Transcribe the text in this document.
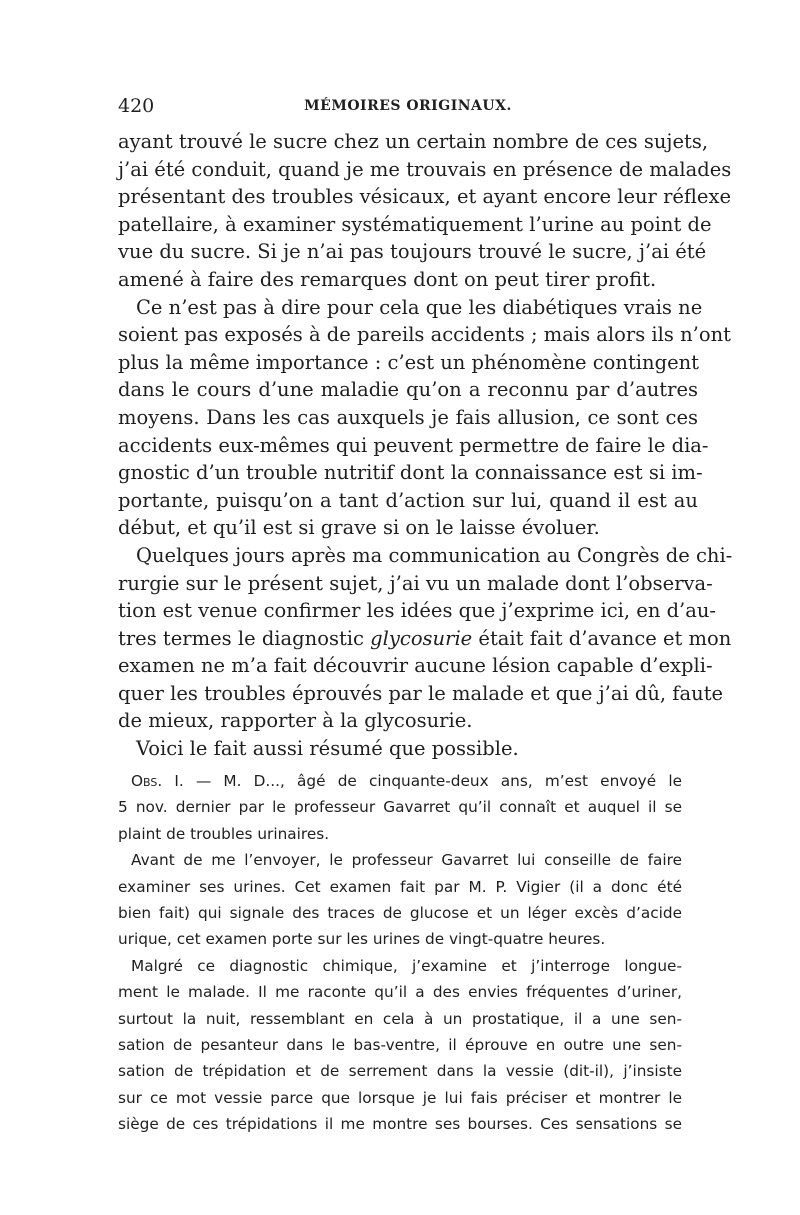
420	MÉMOIRES ORIGINAUX.
ayant trouvé le sucre chez un certain nombre de ces sujets,
j’ai été conduit, quand je me trouvais en présence de malades
présentant des troubles vésicaux, et ayant encore leur réflexe
patellaire, à examiner systématiquement l’urine au point de
vue du sucre. Si je n’ai pas toujours trouvé le sucre, j’ai été
amené à faire des remarques dont on peut tirer profit.
Ce n’est pas à dire pour cela que les diabétiques vrais ne
soient pas exposés à de pareils accidents ; mais alors ils n’ont
plus la même importance : c’est un phénomène contingent
dans le cours d’une maladie qu’on a reconnu par d’autres
moyens. Dans les cas auxquels je fais allusion, ce sont ces
accidents eux-mêmes qui peuvent permettre de faire le dia-
gnostic d’un trouble nutritif dont la connaissance est si im-
portante, puisqu’on a tant d’action sur lui, quand il est au
début, et qu’il est si grave si on le laisse évoluer.
Quelques jours après ma communication au Congrès de chi-
rurgie sur le présent sujet, j’ai vu un malade dont l’observa-
tion est venue confirmer les idées que j’exprime ici, en d’au-
tres termes le diagnostic glycosurie était fait d’avance et mon
examen ne m’a fait découvrir aucune lésion capable d’expli-
quer les troubles éprouvés par le malade et que j’ai dû, faute
de mieux, rapporter à la glycosurie.
Voici le fait aussi résumé que possible.
Obs. I. — M. D..., âgé de cinquante-deux ans, m’est envoyé le
5 nov. dernier par le professeur Gavarret qu’il connaît et auquel il se
plaint de troubles urinaires.
Avant de me l’envoyer, le professeur Gavarret lui conseille de faire
examiner ses urines. Cet examen fait par M. P. Vigier (il a donc été
bien fait) qui signale des traces de glucose et un léger excès d’acide
urique, cet examen porte sur les urines de vingt-quatre heures.
Malgré ce diagnostic chimique, j’examine et j’interroge longue-
ment le malade. Il me raconte qu’il a des envies fréquentes d’uriner,
surtout la nuit, ressemblant en cela à un prostatique, il a une sen-
sation de pesanteur dans le bas-ventre, il éprouve en outre une sen-
sation de trépidation et de serrement dans la vessie (dit-il), j’insiste
sur ce mot vessie parce que lorsque je lui fais préciser et montrer le
siège de ces trépidations il me montre ses bourses. Ces sensations se
